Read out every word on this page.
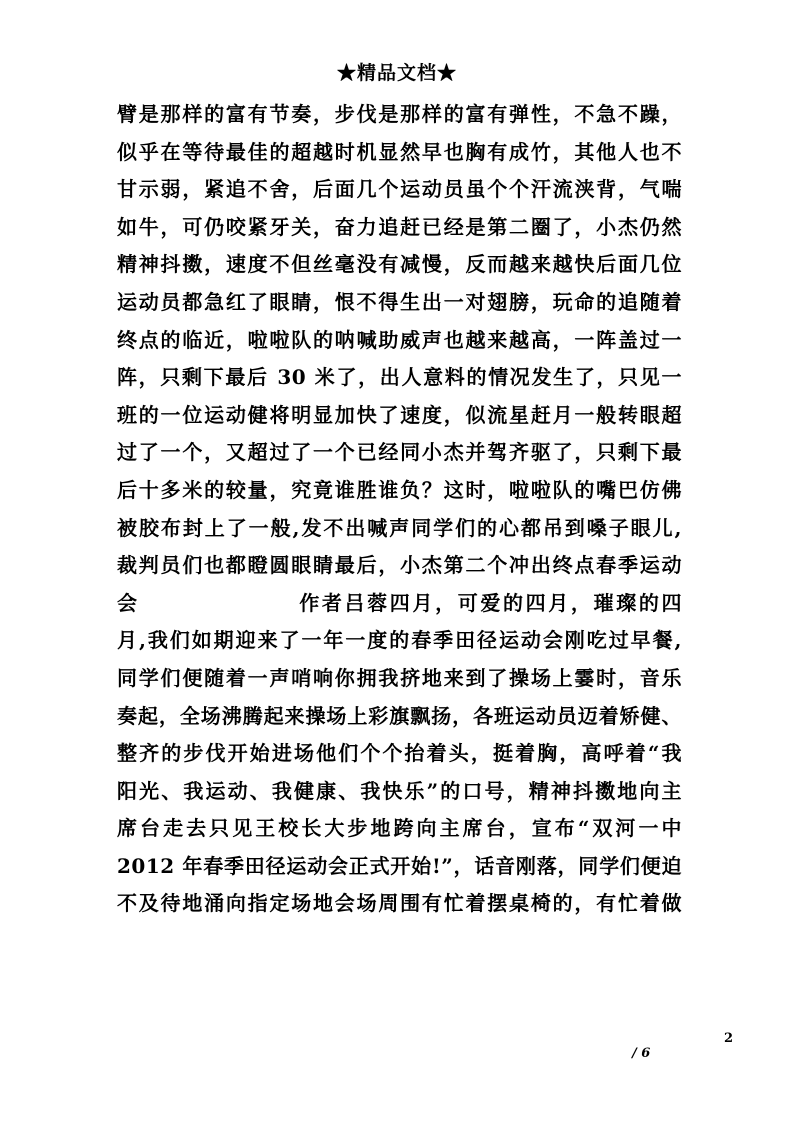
★精品文档★
臂是那样的富有节奏，步伐是那样的富有弹性，不急不躁，
似乎在等待最佳的超越时机显然早也胸有成竹，其他人也不
甘示弱，紧追不舍，后面几个运动员虽个个汗流浃背，气喘
如牛，可仍咬紧牙关，奋力追赶已经是第二圈了，小杰仍然
精神抖擞，速度不但丝毫没有减慢，反而越来越快后面几位
运动员都急红了眼睛，恨不得生出一对翅膀，玩命的追随着
终点的临近，啦啦队的呐喊助威声也越来越高，一阵盖过一
阵，只剩下最后 30 米了，出人意料的情况发生了，只见一
班的一位运动健将明显加快了速度，似流星赶月一般转眼超
过了一个，又超过了一个已经同小杰并驾齐驱了，只剩下最
后十多米的较量，究竟谁胜谁负？这时，啦啦队的嘴巴仿佛
被胶布封上了一般,发不出喊声同学们的心都吊到嗓子眼儿,
裁判员们也都瞪圆眼睛最后，小杰第二个冲出终点春季运动
会 作者吕蓉四月，可爱的四月，璀璨的四
月,我们如期迎来了一年一度的春季田径运动会刚吃过早餐,
同学们便随着一声哨响你拥我挤地来到了操场上霎时，音乐
奏起，全场沸腾起来操场上彩旗飘扬，各班运动员迈着矫健、
整齐的步伐开始进场他们个个抬着头，挺着胸，高呼着“我
阳光、我运动、我健康、我快乐”的口号，精神抖擞地向主
席台走去只见王校长大步地跨向主席台，宣布“双河一中
2012 年春季田径运动会正式开始!”，话音刚落，同学们便迫
不及待地涌向指定场地会场周围有忙着摆桌椅的，有忙着做
2
/ 6
